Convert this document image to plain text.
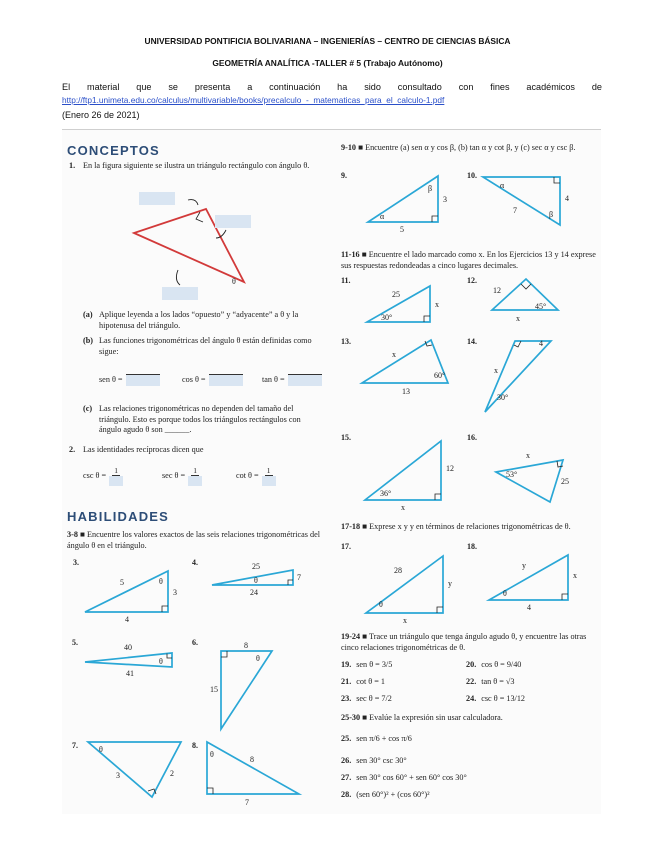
UNIVERSIDAD PONTIFICIA BOLIVARIANA – INGENIERÍAS – CENTRO DE CIENCIAS BÁSICA
GEOMETRÍA ANALÍTICA -TALLER # 5 (Trabajo Autónomo)
El material que se presenta a continuación ha sido consultado con fines académicos de
http://ftp1.unimeta.edu.co/calculus/multivariable/books/precalculo_-_matematicas_para_el_calculo-1.pdf
(Enero 26 de 2021)
CONCEPTOS
1. En la figura siguiente se ilustra un triángulo rectángulo con ángulo θ.
θ
(a) Aplique leyenda a los lados “opuesto” y “adyacente” a θ y la hipotenusa del triángulo.
(b) Las funciones trigonométricas del ángulo θ están definidas como sigue:
sen θ =	cos θ =	tan θ =
(c) Las relaciones trigonométricas no dependen del tamaño del triángulo. Esto es porque todos los triángulos rectángulos con ángulo agudo θ son ______.
2. Las identidades recíprocas dicen que
csc θ =
1
sec θ =
1
cot θ =
1
HABILIDADES
3-8 ■ Encuentre los valores exactos de las seis relaciones trigonométricas del ángulo θ en el triángulo.
3.
5
3
4
θ
4.	25
7
24
θ
5.
40
41
θ
6.	8
15
θ
7.	θ
3	2
8.
θ
8
7
9-10 ■ Encuentre (a) sen α y cos β, (b) tan α y cot β, y (c) sec α y csc β.
11-16 ■ Encuentre el lado marcado como x. En los Ejercicios 13 y 14 exprese sus respuestas redondeadas a cinco lugares decimales.
17-18 ■ Exprese x y y en términos de relaciones trigonométricas de θ.
19-24 ■ Trace un triángulo que tenga ángulo agudo θ, y encuentre las otras cinco relaciones trigonométricas de θ.
9.
β
3
α
5
10.
α
4
7	β
11.
25
x
30°
12.
12
45°
x
13.
x
60°
13
14.	4
x
30°
15.
12
36°
x
16.
x
53°
25
17.
28
y
θ
x
18.
y
x
θ
4
19. sen θ = 3/5	20. cos θ = 9/40
21. cot θ = 1	22. tan θ = √3
23. sec θ = 7/2	24. csc θ = 13/12
25-30 ■ Evalúe la expresión sin usar calculadora.
25. sen π/6 + cos π/6
26. sen 30° csc 30°
27. sen 30° cos 60° + sen 60° cos 30°
28. (sen 60°)² + (cos 60°)²
